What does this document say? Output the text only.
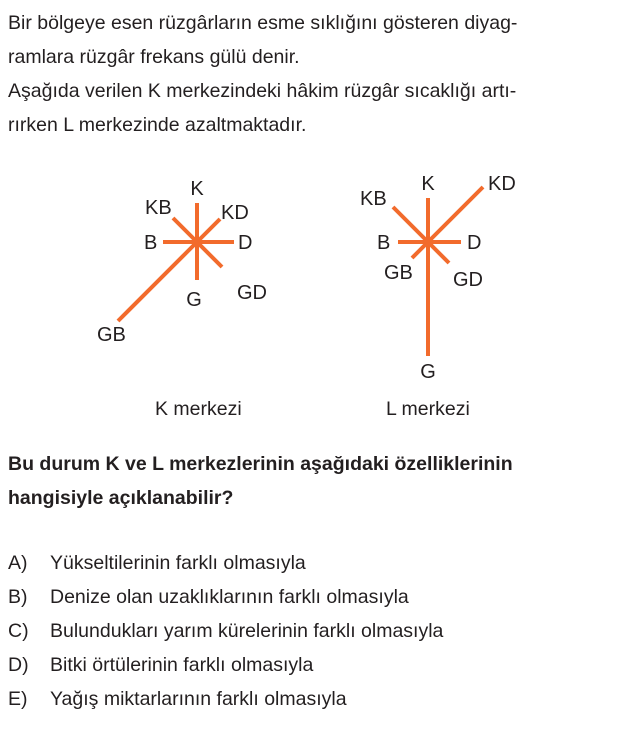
Bir bölgeye esen rüzgârların esme sıklığını gösteren diyag-

ramlara rüzgâr frekans gülü denir.

Aşağıda verilen K merkezindeki hâkim rüzgâr sıcaklığı artı-

rırken L merkezinde azaltmaktadır.

K
KD
D
GD
G
GB
B
KB
K	KD
D
GD
G
GB
B
KB
K merkezi	L merkezi
Bu durum K ve L merkezlerinin aşağıdaki özelliklerinin
hangisiyle açıklanabilir?
A) Yükseltilerinin farklı olmasıyla
B) Denize olan uzaklıklarının farklı olmasıyla
C) Bulundukları yarım kürelerinin farklı olmasıyla
D) Bitki örtülerinin farklı olmasıyla
E) Yağış miktarlarının farklı olmasıyla
